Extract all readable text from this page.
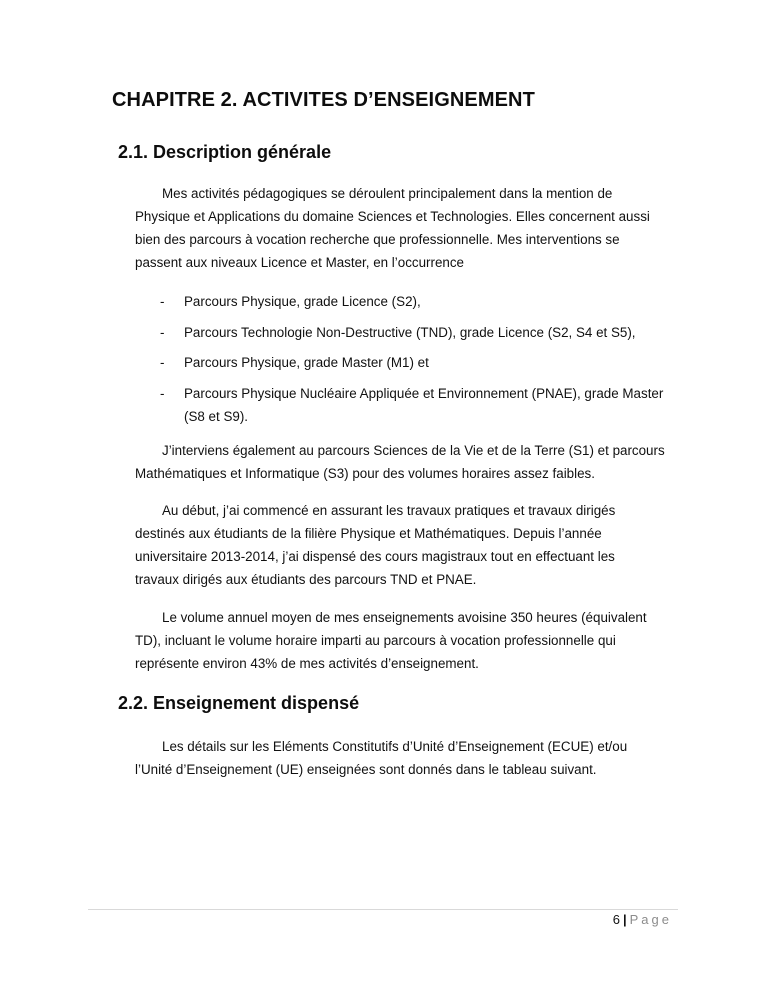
CHAPITRE 2. ACTIVITES D’ENSEIGNEMENT
2.1. Description générale

Mes activités pédagogiques se déroulent principalement dans la mention de
Physique et Applications du domaine Sciences et Technologies. Elles concernent aussi
bien des parcours à vocation recherche que professionnelle. Mes interventions se
passent aux niveaux Licence et Master, en l’occurrence

- Parcours Physique, grade Licence (S2),
- Parcours Technologie Non-Destructive (TND), grade Licence (S2, S4 et S5),
- Parcours Physique, grade Master (M1) et
- Parcours Physique Nucléaire Appliquée et Environnement (PNAE), grade Master
(S8 et S9).

J’interviens également au parcours Sciences de la Vie et de la Terre (S1) et parcours
Mathématiques et Informatique (S3) pour des volumes horaires assez faibles.

Au début, j’ai commencé en assurant les travaux pratiques et travaux dirigés
destinés aux étudiants de la filière Physique et Mathématiques. Depuis l’année
universitaire 2013-2014, j’ai dispensé des cours magistraux tout en effectuant les
travaux dirigés aux étudiants des parcours TND et PNAE.

Le volume annuel moyen de mes enseignements avoisine 350 heures (équivalent
TD), incluant le volume horaire imparti au parcours à vocation professionnelle qui
représente environ 43% de mes activités d’enseignement.

2.2. Enseignement dispensé

Les détails sur les Eléments Constitutifs d’Unité d’Enseignement (ECUE) et/ou
l’Unité d’Enseignement (UE) enseignées sont donnés dans le tableau suivant.

6 | Page
